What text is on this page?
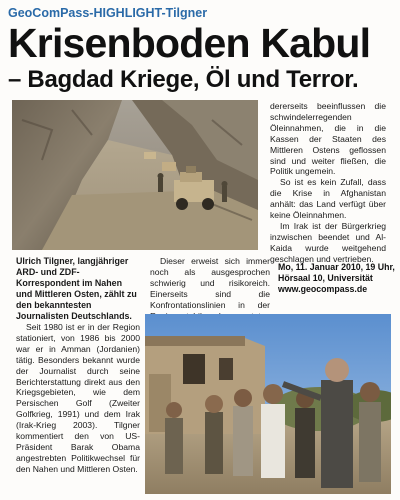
GeoComPass-HIGHLIGHT-Tilgner
Krisenboden Kabul
– Bagdad Kriege, Öl und Terror.

dererseits beeinflussen die schwindelerregenden Öleinnahmen, die in die Kassen der Staaten des Mittleren Ostens geflossen sind und weiter fließen, die Politik ungemein.

So ist es kein Zufall, dass die Krise in Afghanistan anhält: das Land verfügt über keine Öleinnahmen.

Im Irak ist der Bürgerkrieg inzwischen beendet und Al-Kaida wurde weitgehend geschlagen und vertrieben.

Ulrich Tilgner, langjähriger ARD- und ZDF-Korrespondent im Nahen und Mittleren Osten, zählt zu den bekanntesten Journalisten Deutschlands.

Seit 1980 ist er in der Region stationiert, von 1986 bis 2000 war er in Amman (Jordanien) tätig. Besonders bekannt wurde der Journalist durch seine Berichterstattung direkt aus den Kriegsgebieten, wie dem Persischen Golf (Zweiter Golfkrieg, 1991) und dem Irak (Irak-Krieg 2003). Tilgner kommentiert den von US-Präsident Barak Obama angestrebten Politikwechsel für den Nahen und Mittleren Osten.

Dieser erweist sich immer noch als ausgesprochen schwierig und risikoreich. Einerseits sind die Konfrontationslinien in der

Mo, 11. Januar 2010, 19 Uhr,
Hörsaal 10, Universität
www.geocompass.de
